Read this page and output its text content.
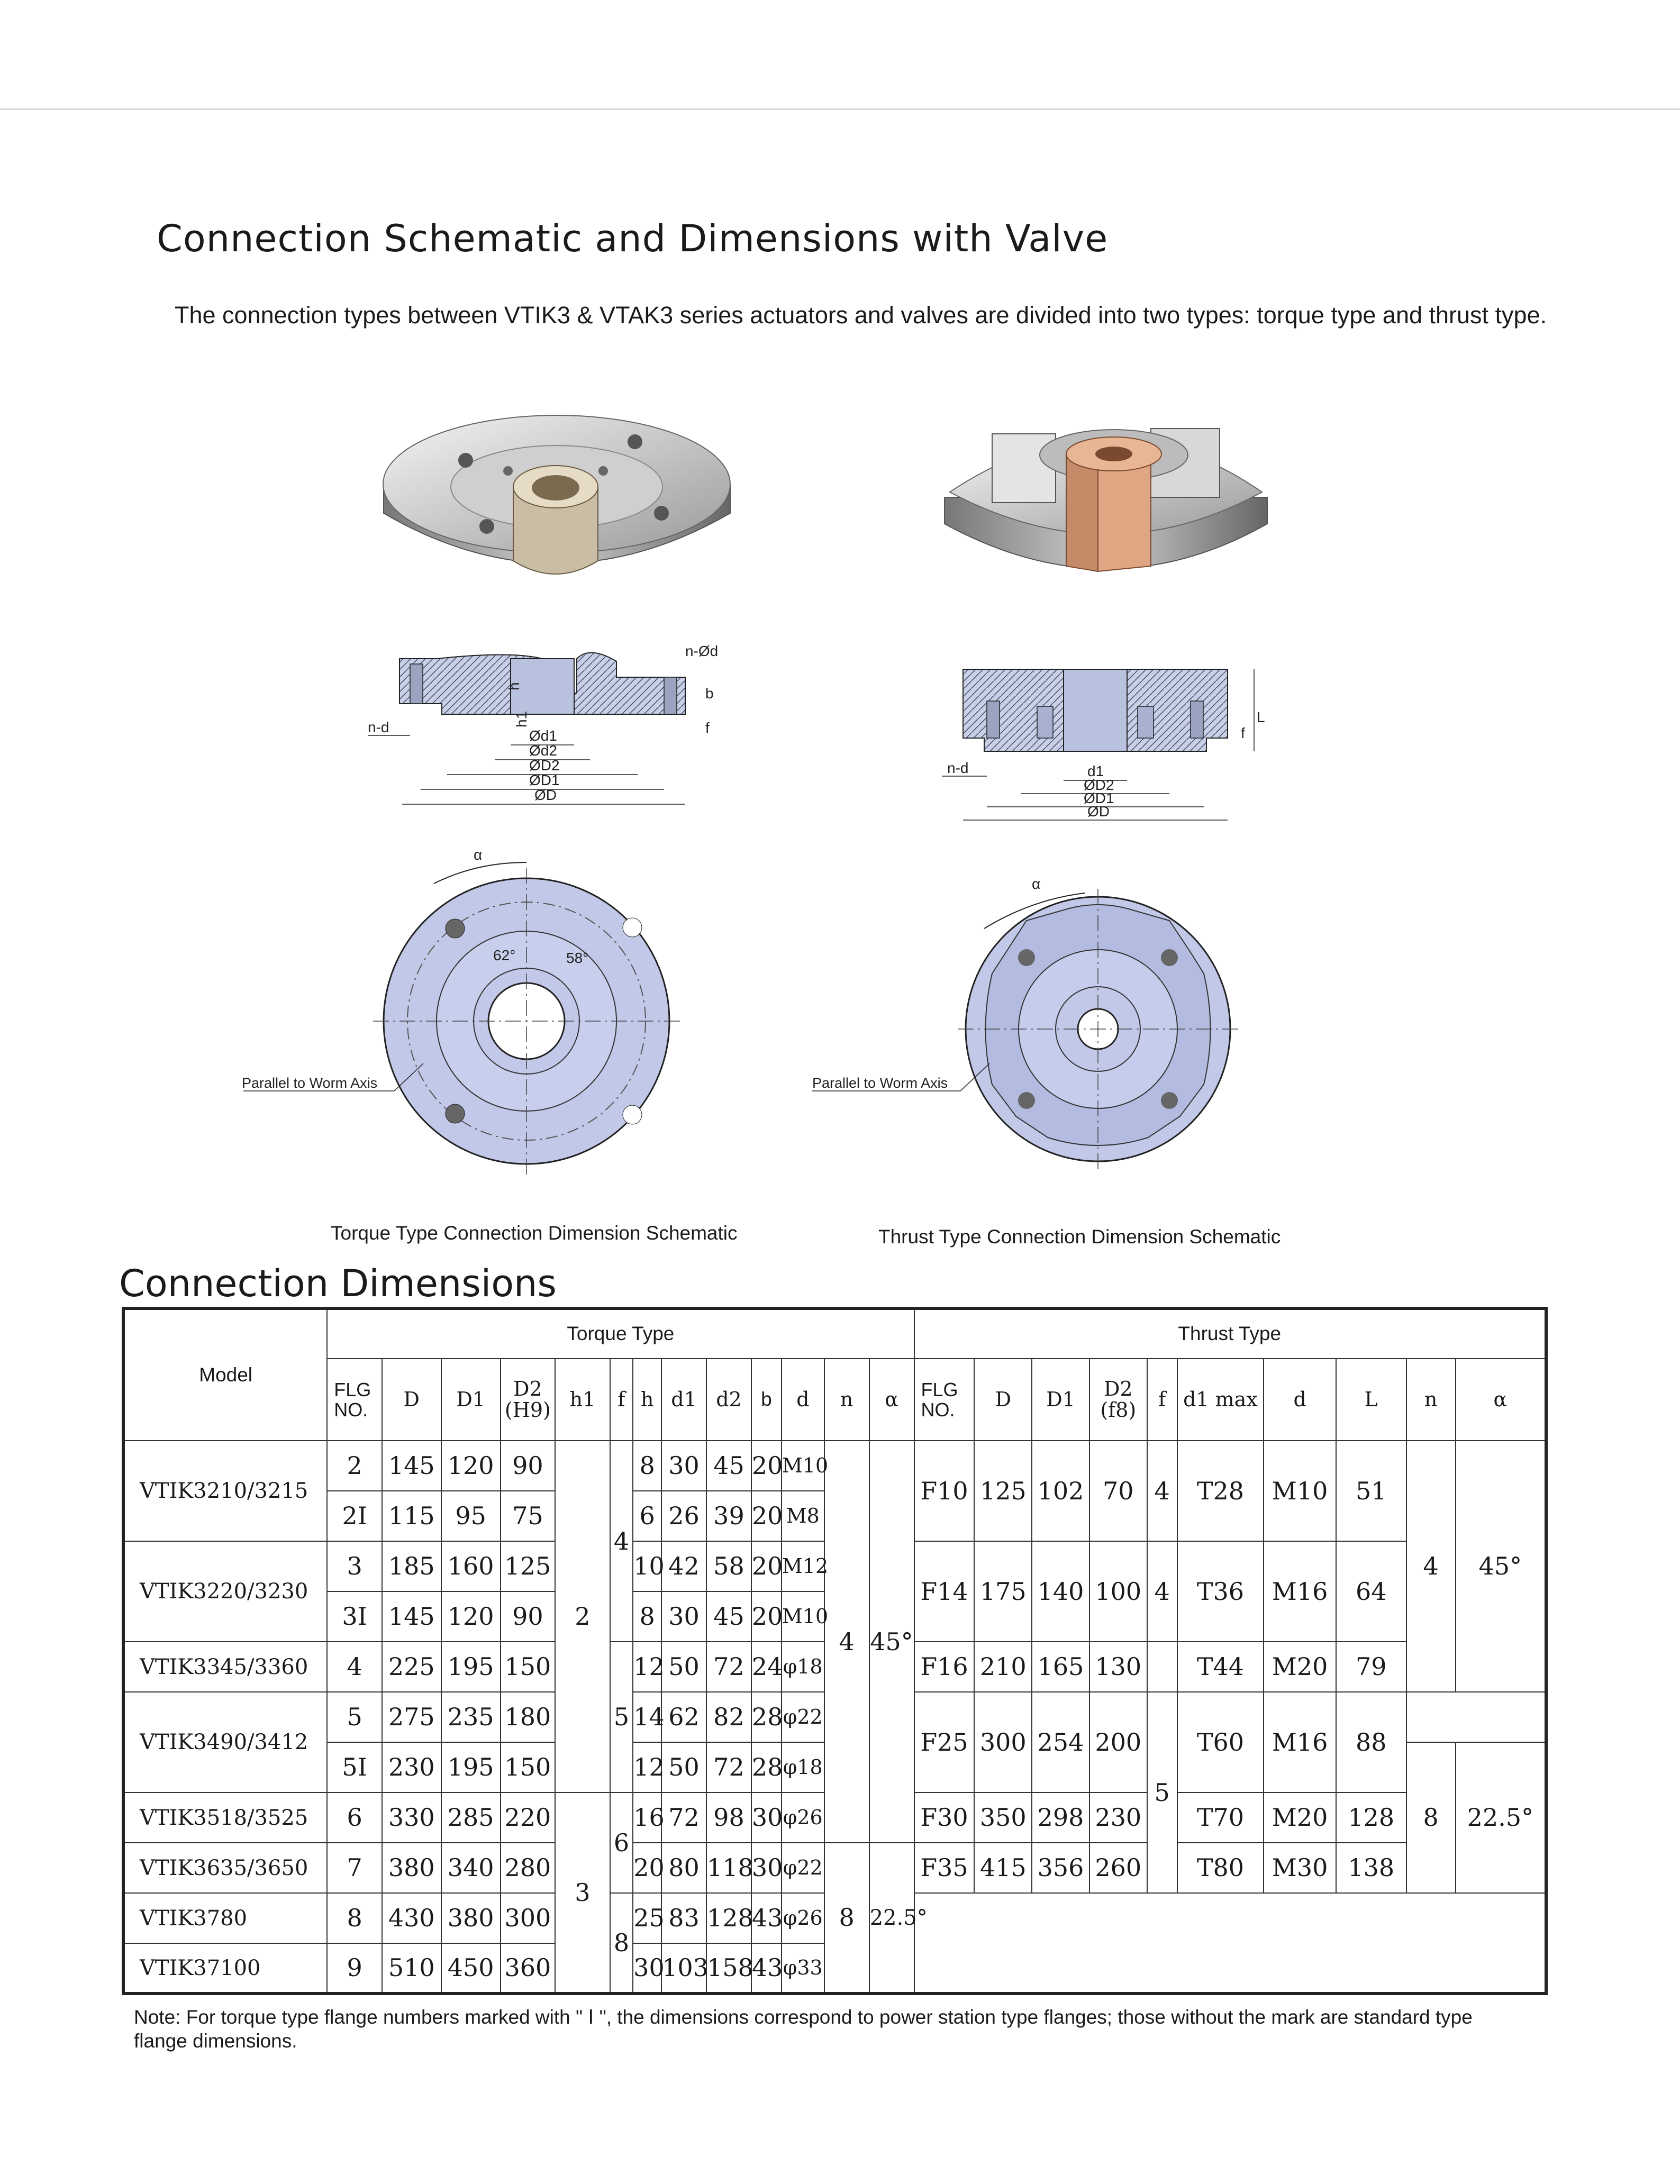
Connection Schematic and Dimensions with Valve

The connection types between VTIK3 & VTAK3 series actuators and valves are divided into two types: torque type and thrust type.

n-d
n-Ød
b
f
h
h1
Ød1
Ød2
ØD2
ØD1
ØD
α
62°	58°
Parallel to Worm Axis
Torque Type Connection Dimension Schematic
n-d
L
f
d1
ØD2
ØD1
ØD
α
Parallel to Worm Axis
Thrust Type Connection Dimension Schematic
Connection Dimensions
Model	Torque Type													Thrust Type									
	FLG NO.	D	D1	D2 (H9)	h1	f	h	d1	d2	b	d	n	α	FLG NO.	D	D1	D2 (f8)	f	d1 max	d	L	n	α
VTIK3210/3215	2	145	120	90	2	4	8	30	45	20	M10	4	45°	F10	125	102	70	4	T28	M10	51	4	45°
	2Ⅰ	115	95	75			6	26	39	20	M8												
VTIK3220/3230	3	185	160	125			10	42	58	20	M12			F14	175	140	100	4	T36	M16	64		
	3Ⅰ	145	120	90			8	30	45	20	M10												
VTIK3345/3360	4	225	195	150		5	12	50	72	24	φ18			F16	210	165	130		T44	M20	79		
VTIK3490/3412	5	275	235	180			14	62	82	28	φ22			F25	300	254	200	5	T60	M16	88		
	5Ⅰ	230	195	150			12	50	72	28	φ18											8	22.5°
VTIK3518/3525	6	330	285	220	3	6	16	72	98	30	φ26			F30	350	298	230		T70	M20	128		
VTIK3635/3650	7	380	340	280			20	80	118	30	φ22	8	22.5°	F35	415	356	260		T80	M30	138		
VTIK3780	8	430	380	300		8	25	83	128	43	φ26												
VTIK37100	9	510	450	360			30	103	158	43	φ33												

Note: For torque type flange numbers marked with " Ⅰ ", the dimensions correspond to power station type flanges; those without the mark are standard type flange dimensions.
